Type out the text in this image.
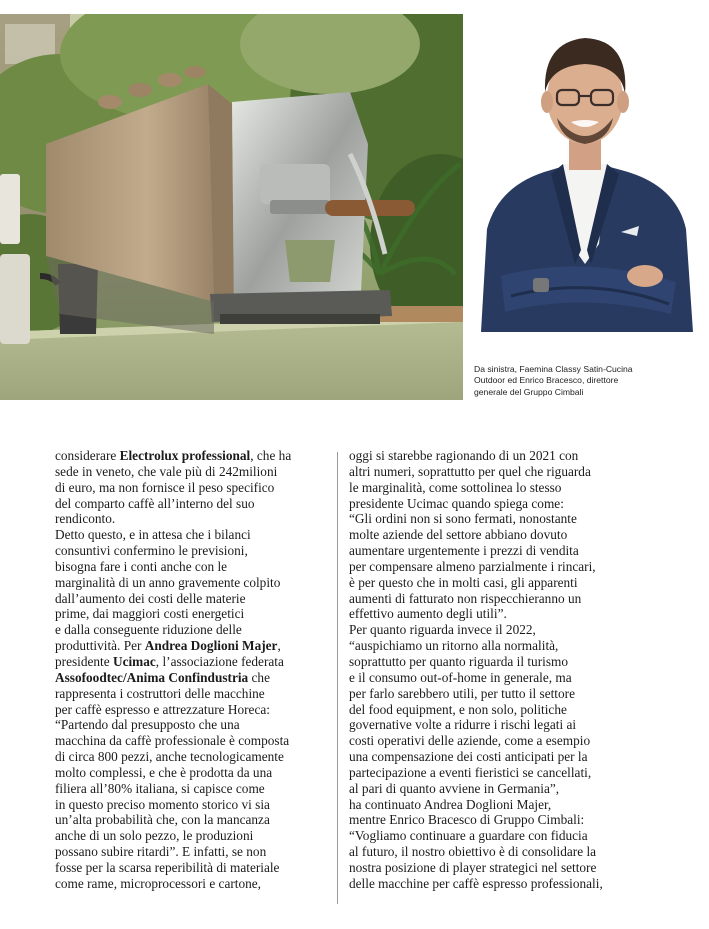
Da sinistra, Faemina Classy Satin-Cucina
Outdoor ed Enrico Bracesco, direttore
generale del Gruppo Cimbali
considerare Electrolux professional, che ha
sede in veneto, che vale più di 242milioni
di euro, ma non fornisce il peso specifico
del comparto caffè all’interno del suo
rendiconto.
Detto questo, e in attesa che i bilanci
consuntivi confermino le previsioni,
bisogna fare i conti anche con le
marginalità di un anno gravemente colpito
dall’aumento dei costi delle materie
prime, dai maggiori costi energetici
e dalla conseguente riduzione delle
produttività. Per Andrea Doglioni Majer,
presidente Ucimac, l’associazione federata
Assofoodtec/Anima Confindustria che
rappresenta i costruttori delle macchine
per caffè espresso e attrezzature Horeca:
“Partendo dal presupposto che una
macchina da caffè professionale è composta
di circa 800 pezzi, anche tecnologicamente
molto complessi, e che è prodotta da una
filiera all’80% italiana, si capisce come
in questo preciso momento storico vi sia
un’alta probabilità che, con la mancanza
anche di un solo pezzo, le produzioni
possano subire ritardi”. E infatti, se non
fosse per la scarsa reperibilità di materiale
come rame, microprocessori e cartone,
oggi si starebbe ragionando di un 2021 con
altri numeri, soprattutto per quel che riguarda
le marginalità, come sottolinea lo stesso
presidente Ucimac quando spiega come:
“Gli ordini non si sono fermati, nonostante
molte aziende del settore abbiano dovuto
aumentare urgentemente i prezzi di vendita
per compensare almeno parzialmente i rincari,
è per questo che in molti casi, gli apparenti
aumenti di fatturato non rispecchieranno un
effettivo aumento degli utili”.
Per quanto riguarda invece il 2022,
“auspichiamo un ritorno alla normalità,
soprattutto per quanto riguarda il turismo
e il consumo out-of-home in generale, ma
per farlo sarebbero utili, per tutto il settore
del food equipment, e non solo, politiche
governative volte a ridurre i rischi legati ai
costi operativi delle aziende, come a esempio
una compensazione dei costi anticipati per la
partecipazione a eventi fieristici se cancellati,
al pari di quanto avviene in Germania”,
ha continuato Andrea Doglioni Majer,
mentre Enrico Bracesco di Gruppo Cimbali:
“Vogliamo continuare a guardare con fiducia
al futuro, il nostro obiettivo è di consolidare la
nostra posizione di player strategici nel settore
delle macchine per caffè espresso professionali,
